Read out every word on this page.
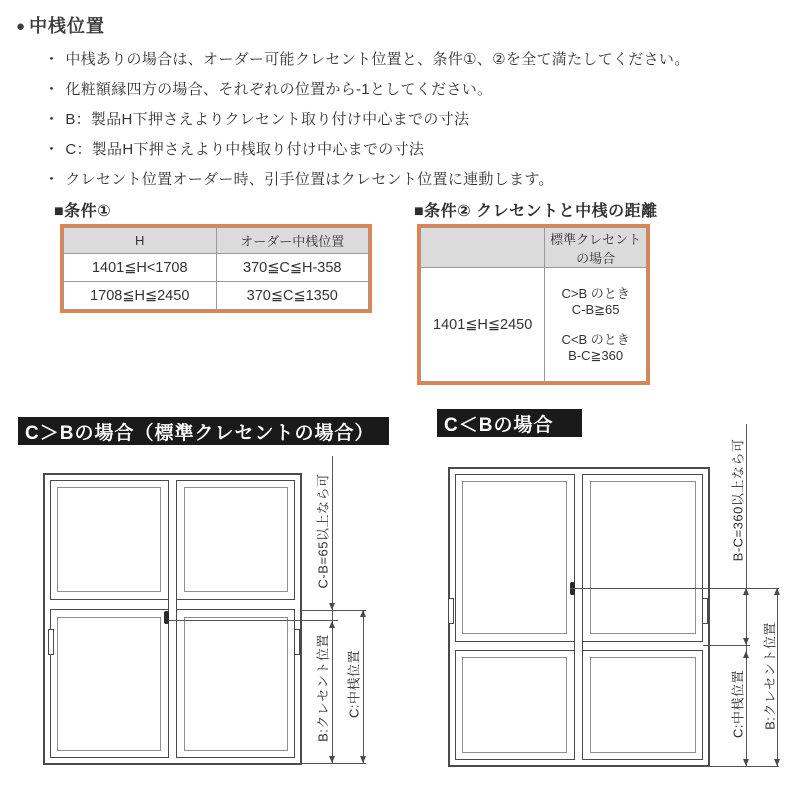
● 中桟位置
・ 中桟ありの場合は、オーダー可能クレセント位置と、条件①、②を全て満たしてください。
・ 化粧額縁四方の場合、それぞれの位置から-1としてください。
・ B：製品H下押さえよりクレセント取り付け中心までの寸法
・ C：製品H下押さえより中桟取り付け中心までの寸法
・ クレセント位置オーダー時、引手位置はクレセント位置に連動します。
■条件①
H	オーダー中桟位置
1401≦H<1708	370≦C≦H-358
1708≦H≦2450	370≦C≦1350
■条件② クレセントと中桟の距離

	標準クレセント
の場合

1401≦H≦2450	C>B のとき
C-B≧65
C<B のとき
B-C≧360
C＞Bの場合（標準クレセントの場合）	C＜Bの場合
C-B=65以上なら可
B:クレセント位置 C:中桟位置
B-C=360以上なら可
C:中桟位置 B:クレセント位置
